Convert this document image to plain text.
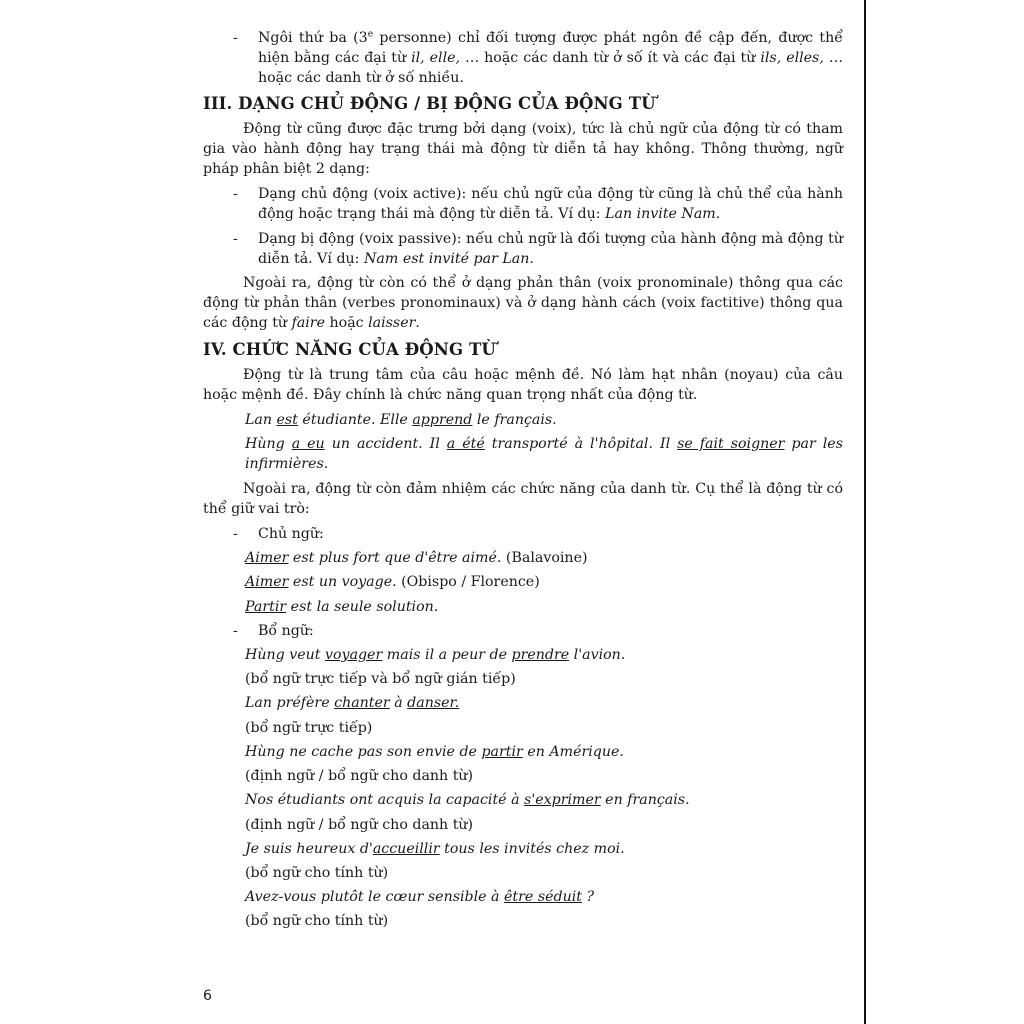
- Ngôi thứ ba (3e personne) chỉ đối tượng được phát ngôn đề cập đến, được thể hiện bằng các đại từ il, elle, … hoặc các danh từ ở số ít và các đại từ ils, elles, … hoặc các danh từ ở số nhiều.

III. DẠNG CHỦ ĐỘNG / BỊ ĐỘNG CỦA ĐỘNG TỪ

Động từ cũng được đặc trưng bởi dạng (voix), tức là chủ ngữ của động từ có tham gia vào hành động hay trạng thái mà động từ diễn tả hay không. Thông thường, ngữ pháp phân biệt 2 dạng:

- Dạng chủ động (voix active): nếu chủ ngữ của động từ cũng là chủ thể của hành động hoặc trạng thái mà động từ diễn tả. Ví dụ: Lan invite Nam.

- Dạng bị động (voix passive): nếu chủ ngữ là đối tượng của hành động mà động từ diễn tả. Ví dụ: Nam est invité par Lan.

Ngoài ra, động từ còn có thể ở dạng phản thân (voix pronominale) thông qua các động từ phản thân (verbes pronominaux) và ở dạng hành cách (voix factitive) thông qua các động từ faire hoặc laisser.

IV. CHỨC NĂNG CỦA ĐỘNG TỪ

Động từ là trung tâm của câu hoặc mệnh đề. Nó làm hạt nhân (noyau) của câu hoặc mệnh đề. Đây chính là chức năng quan trọng nhất của động từ.

Lan est étudiante. Elle apprend le français.

Hùng a eu un accident. Il a été transporté à l'hôpital. Il se fait soigner par les infirmières.

Ngoài ra, động từ còn đảm nhiệm các chức năng của danh từ. Cụ thể là động từ có thể giữ vai trò:

- Chủ ngữ:

Aimer est plus fort que d'être aimé. (Balavoine)

Aimer est un voyage. (Obispo / Florence)

Partir est la seule solution.

- Bổ ngữ:

Hùng veut voyager mais il a peur de prendre l'avion.

(bổ ngữ trực tiếp và bổ ngữ gián tiếp)

Lan préfère chanter à danser.

(bổ ngữ trực tiếp)

Hùng ne cache pas son envie de partir en Amérique.

(định ngữ / bổ ngữ cho danh từ)

Nos étudiants ont acquis la capacité à s'exprimer en français.

(định ngữ / bổ ngữ cho danh từ)

Je suis heureux d'accueillir tous les invités chez moi.

(bổ ngữ cho tính từ)

Avez-vous plutôt le cœur sensible à être séduit ?

(bổ ngữ cho tính từ)

6
